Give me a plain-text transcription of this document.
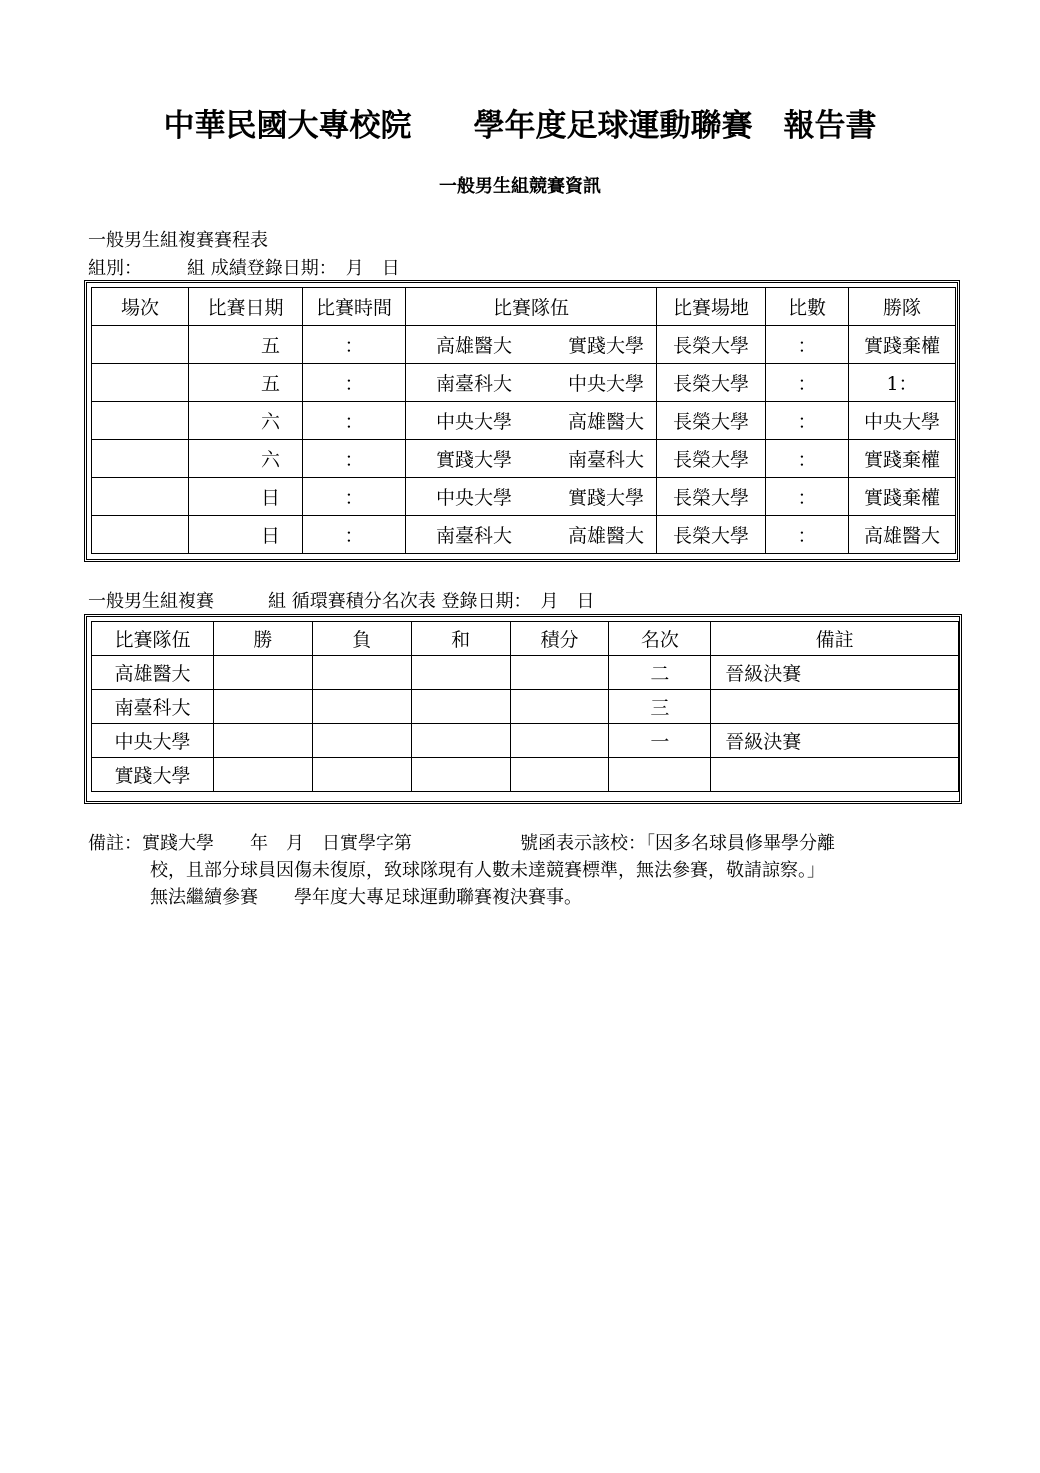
中華民國大專校院　　學年度足球運動聯賽　報告書
一般男生組競賽資訊
一般男生組複賽賽程表
組別：　　　組 成績登錄日期：　月　日
場次	比賽日期	比賽時間	比賽隊伍	比賽場地	比數	勝隊
	五	：	高雄醫大 實踐大學	長榮大學	：	實踐棄權
	五	：	南臺科大 中央大學	長榮大學	：	1：
	六	：	中央大學 高雄醫大	長榮大學	：	中央大學
	六	：	實踐大學 南臺科大	長榮大學	：	實踐棄權
	日	：	中央大學 實踐大學	長榮大學	：	實踐棄權
	日	：	南臺科大 高雄醫大	長榮大學	：	高雄醫大
一般男生組複賽　　　組 循環賽積分名次表 登錄日期：　月　日
比賽隊伍	勝	負	和	積分	名次	備註
高雄醫大					二	晉級決賽
南臺科大					三	
中央大學					一	晉級決賽
實踐大學						
備註：實踐大學　　年　月　日實學字第　　　　　　號函表示該校：「因多名球員修畢學分離
校，且部分球員因傷未復原，致球隊現有人數未達競賽標準，無法參賽，敬請諒察。」
無法繼續參賽　　學年度大專足球運動聯賽複決賽事。
